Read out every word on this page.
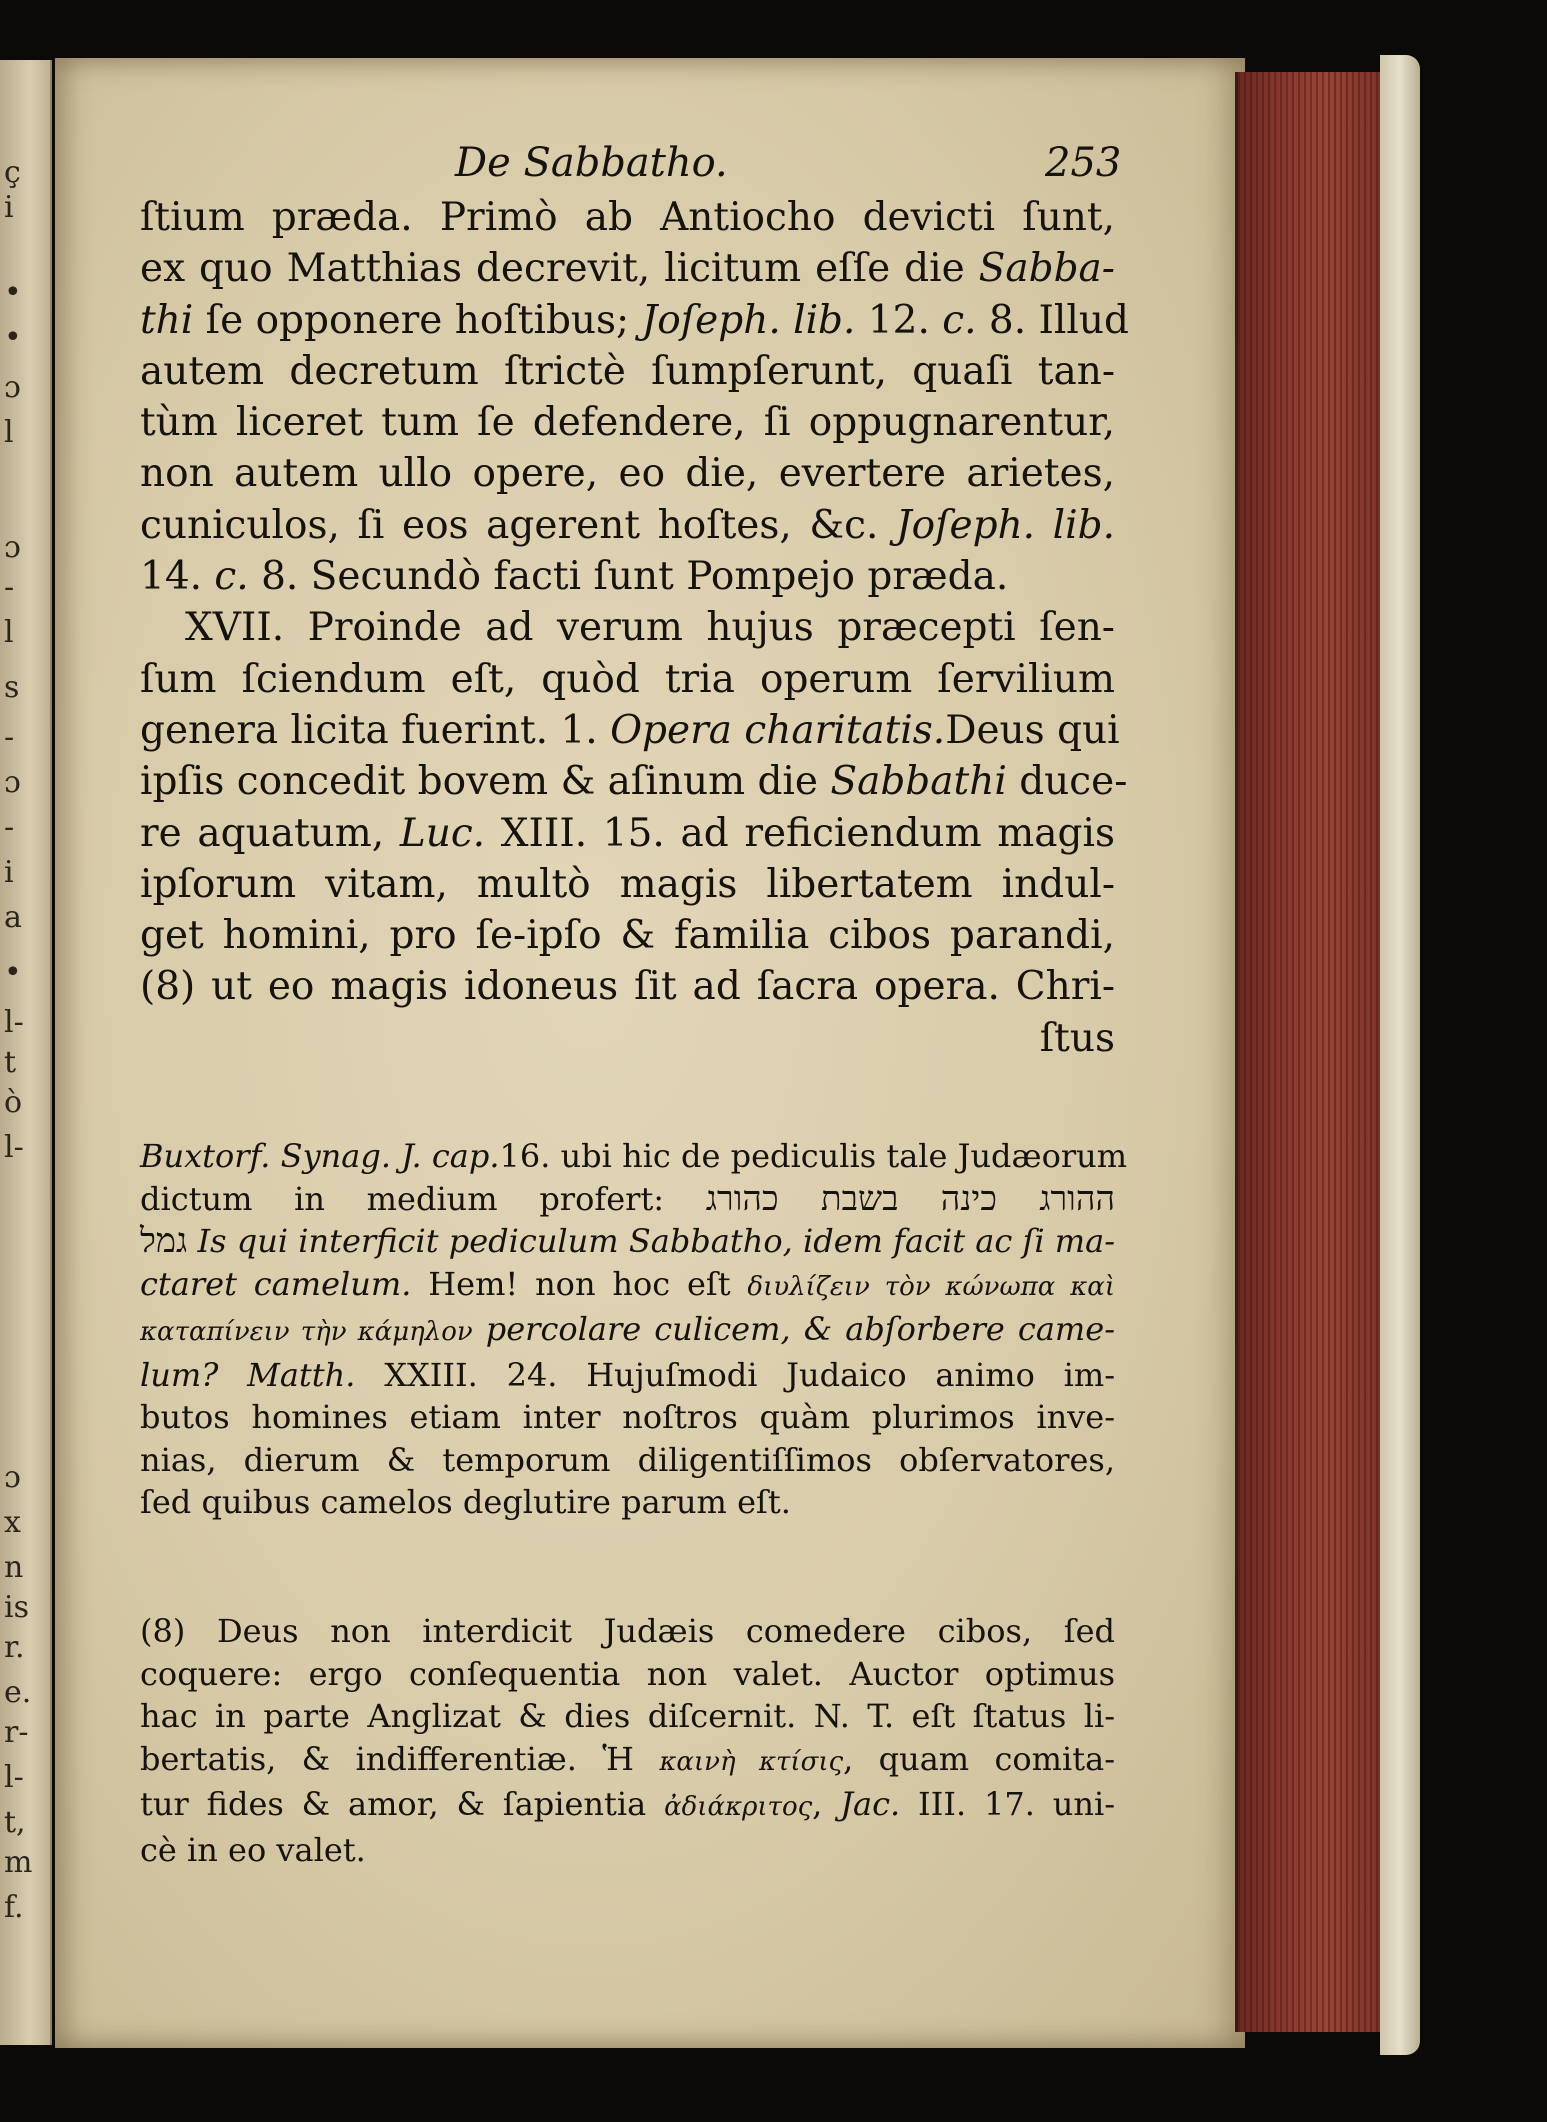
ç
i
•
•
ɔ
l
ɔ
-
l
s
-
ɔ
-
i
a
•
l-
t
ò
l-
ɔ
x
n
is
r.
e.
r-
l-
t,
m
f.
De Sabbatho.	253
ſtium præda. Primò ab Antiocho devicti ſunt,
ex quo Matthias decrevit, licitum eſſe die Sabba-
thi ſe opponere hoſtibus; Joſeph. lib. 12. c. 8. Illud
autem decretum ſtrictè ſumpſerunt, quaſi tan-
tùm liceret tum ſe defendere, ſi oppugnarentur,
non autem ullo opere, eo die, evertere arietes,
cuniculos, ſi eos agerent hoſtes, &c. Joſeph. lib.
14. c. 8. Secundò facti ſunt Pompejo præda.
XVII. Proinde ad verum hujus præcepti ſen-
ſum ſciendum eſt, quòd tria operum ſervilium
genera licita fuerint. 1. Opera charitatis.Deus qui
ipſis concedit bovem & aſinum die Sabbathi duce-
re aquatum, Luc. XIII. 15. ad reficiendum magis
ipſorum vitam, multò magis libertatem indul-
get homini, pro ſe-ipſo & familia cibos parandi,
(8) ut eo magis idoneus ſit ad ſacra opera. Chri-
ſtus
Buxtorf. Synag. J. cap.16. ubi hic de pediculis tale Judæorum
dictum in medium profert: ההורג כינה בשבת כהורג
גמל Is qui interficit pediculum Sabbatho, idem facit ac ſi ma-
ctaret camelum. Hem! non hoc eſt διυλίζειν τὸν κώνωπα καὶ
καταπίνειν τὴν κάμηλον percolare culicem, & abſorbere came-
lum? Matth. XXIII. 24. Hujuſmodi Judaico animo im-
butos homines etiam inter noſtros quàm plurimos inve-
nias, dierum & temporum diligentiſſimos obſervatores,
ſed quibus camelos deglutire parum eſt.
(8) Deus non interdicit Judæis comedere cibos, ſed
coquere: ergo conſequentia non valet. Auctor optimus
hac in parte Anglizat & dies diſcernit. N. T. eſt ſtatus li-
bertatis, & indifferentiæ. Ἡ καινὴ κτίσις, quam comita-
tur fides & amor, & ſapientia ἀδιάκριτος, Jac. III. 17. uni-
cè in eo valet.
